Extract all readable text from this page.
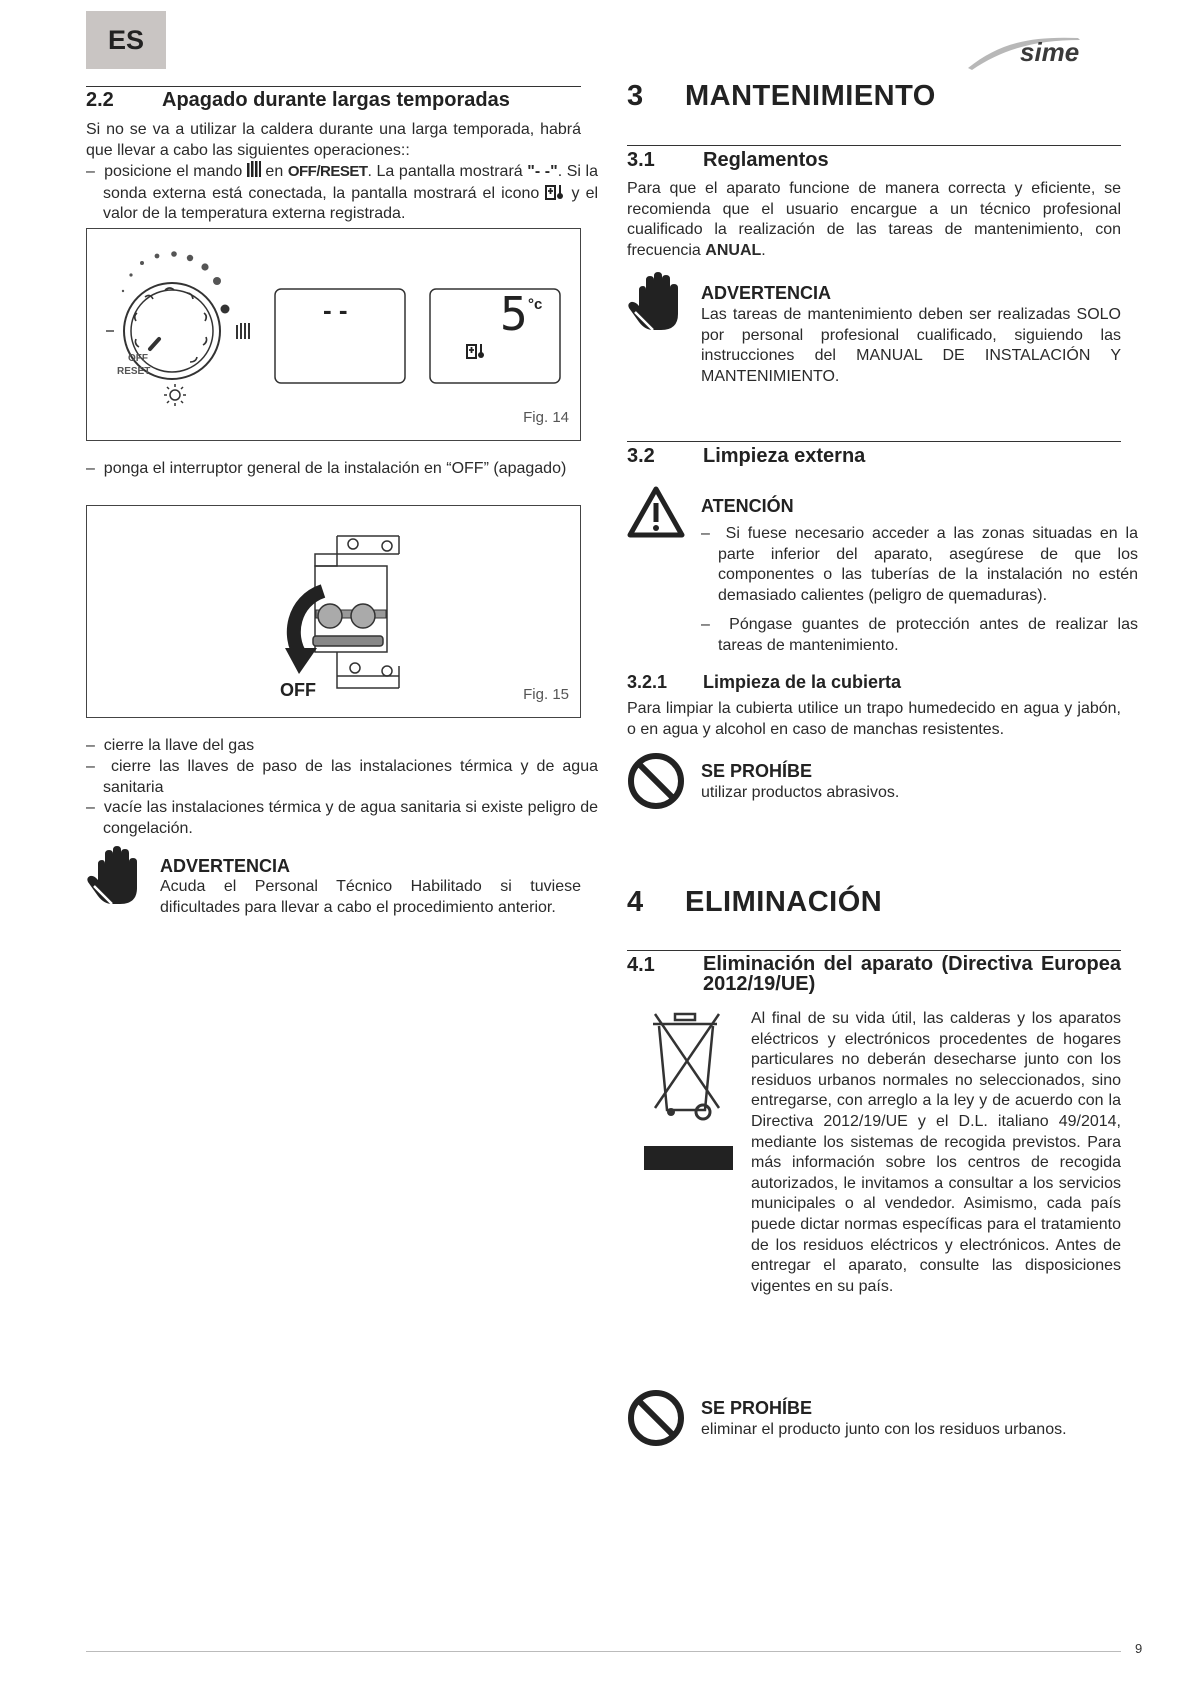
ES	sime
2.2	Apagado durante largas temporadas
Si no se va a utilizar la caldera durante una larga temporada, habrá que llevar a cabo las siguientes operaciones::
–  posicione el mando en OFF/RESET. La pantalla mostrará "- -". Si la sonda externa está conectada, la pantalla mostrará el icono y el valor de la temperatura externa registrada.
OFF
RESET
- -	5 °c
Fig. 14
–  ponga el interruptor general de la instalación en “OFF” (apagado)
OFF	Fig. 15
–  cierre la llave del gas
–  cierre las llaves de paso de las instalaciones térmica y de agua sanitaria
–  vacíe las instalaciones térmica y de agua sanitaria si existe peligro de congelación.
ADVERTENCIA
Acuda el Personal Técnico Habilitado si tuviese dificultades para llevar a cabo el procedimiento anterior.
3	MANTENIMIENTO
3.1	Reglamentos
Para que el aparato funcione de manera correcta y eficiente, se recomienda que el usuario encargue a un técnico profesional cualificado la realización de las tareas de mantenimiento, con frecuencia ANUAL.
ADVERTENCIA
Las tareas de mantenimiento deben ser realizadas SOLO por personal profesional cualificado, siguiendo las instrucciones del MANUAL DE INSTALACIÓN Y MANTENIMIENTO.
3.2	Limpieza externa
ATENCIÓN
–  Si fuese necesario acceder a las zonas situadas en la parte inferior del aparato, asegúrese de que los componentes o las tuberías de la instalación no estén demasiado calientes (peligro de quemaduras).
–  Póngase guantes de protección antes de realizar las tareas de mantenimiento.
3.2.1	Limpieza de la cubierta
Para limpiar la cubierta utilice un trapo humedecido en agua y jabón, o en agua y alcohol en caso de manchas resistentes.
SE PROHÍBE
utilizar productos abrasivos.
4	ELIMINACIÓN
4.1	Eliminación del aparato (Directiva Europea 2012/19/UE)
Al final de su vida útil, las calderas y los aparatos eléctricos y electrónicos procedentes de hogares particulares no deberán desecharse junto con los residuos urbanos normales no seleccionados, sino entregarse, con arreglo a la ley y de acuerdo con la Directiva 2012/19/UE y el D.L. italiano 49/2014, mediante los sistemas de recogida previstos. Para más información sobre los centros de recogida autorizados, le invitamos a consultar a los servicios municipales o al vendedor. Asimismo, cada país puede dictar normas específicas para el tratamiento de los residuos eléctricos y electrónicos. Antes de entregar el aparato, consulte las disposiciones vigentes en su país.
SE PROHÍBE
eliminar el producto junto con los residuos urbanos.
9
